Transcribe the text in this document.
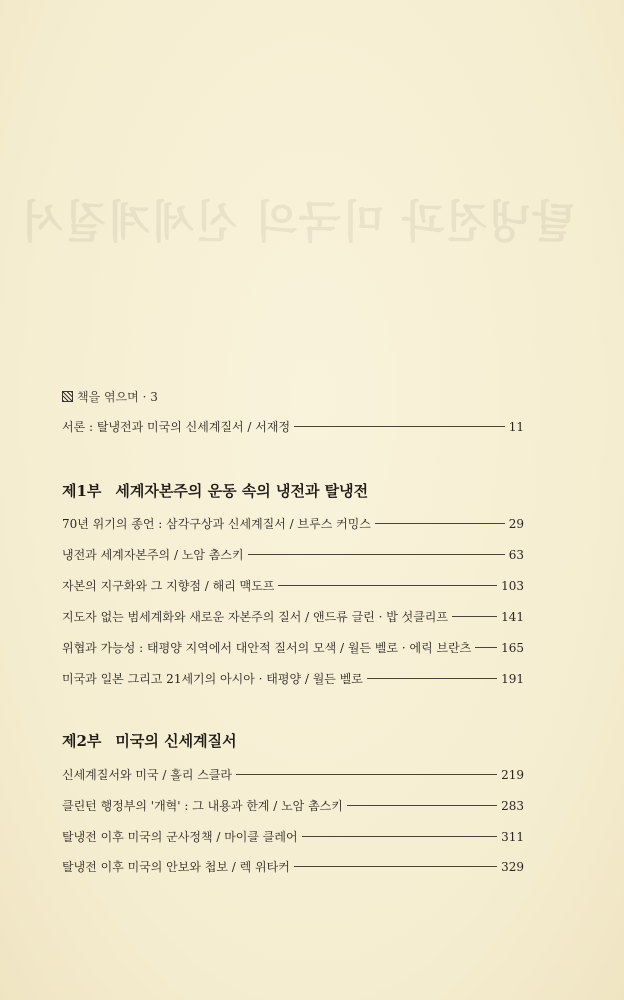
탈냉전과 미국의 신세계질서
책을 엮으며 · 3
서론 : 탈냉전과 미국의 신세계질서 / 서재정	11
제1부 세계자본주의 운동 속의 냉전과 탈냉전
70년 위기의 종언 : 삼각구상과 신세계질서 / 브루스 커밍스	29
냉전과 세계자본주의 / 노암 촘스키	63
자본의 지구화와 그 지향점 / 해리 맥도프	103
지도자 없는 범세계화와 새로운 자본주의 질서 / 앤드류 글린 · 밥 섯클리프	141
위협과 가능성 : 태평양 지역에서 대안적 질서의 모색 / 월든 벨로 · 에릭 브란츠 165
미국과 일본 그리고 21세기의 아시아 · 태평양 / 월든 벨로	191
제2부 미국의 신세계질서
신세계질서와 미국 / 홀리 스클라	219
클린턴 행정부의 '개혁' : 그 내용과 한계 / 노암 촘스키	283
탈냉전 이후 미국의 군사정책 / 마이클 클레어	311
탈냉전 이후 미국의 안보와 첩보 / 렉 위타커	329
